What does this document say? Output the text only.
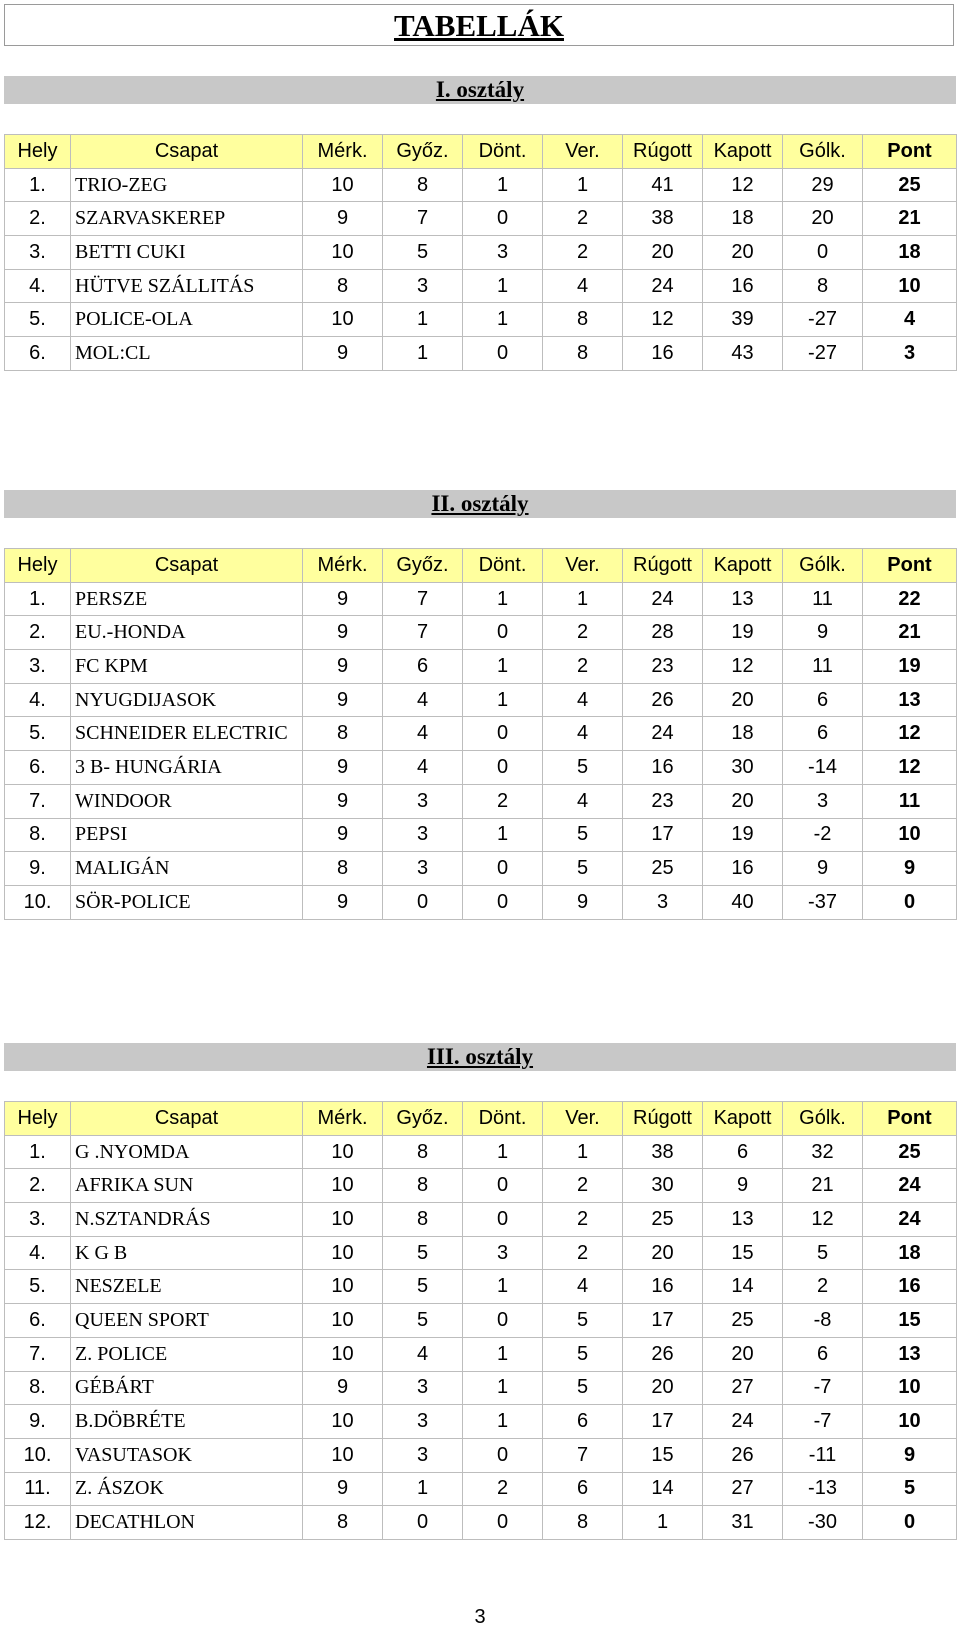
TABELLÁK
I. osztály
Hely	Csapat	Mérk.	Győz.	Dönt.	Ver.	Rúgott	Kapott	Gólk.	Pont
1.	TRIO-ZEG	10	8	1	1	41	12	29	25
2.	SZARVASKEREP	9	7	0	2	38	18	20	21
3.	BETTI CUKI	10	5	3	2	20	20	0	18
4.	HÜTVE SZÁLLITÁS	8	3	1	4	24	16	8	10
5.	POLICE-OLA	10	1	1	8	12	39	-27	4
6.	MOL:CL	9	1	0	8	16	43	-27	3
II. osztály
Hely	Csapat	Mérk.	Győz.	Dönt.	Ver.	Rúgott	Kapott	Gólk.	Pont
1.	PERSZE	9	7	1	1	24	13	11	22
2.	EU.-HONDA	9	7	0	2	28	19	9	21
3.	FC KPM	9	6	1	2	23	12	11	19
4.	NYUGDIJASOK	9	4	1	4	26	20	6	13
5.	SCHNEIDER ELECTRIC	8	4	0	4	24	18	6	12
6.	3 B- HUNGÁRIA	9	4	0	5	16	30	-14	12
7.	WINDOOR	9	3	2	4	23	20	3	11
8.	PEPSI	9	3	1	5	17	19	-2	10
9.	MALIGÁN	8	3	0	5	25	16	9	9
10.	SÖR-POLICE	9	0	0	9	3	40	-37	0
III. osztály
Hely	Csapat	Mérk.	Győz.	Dönt.	Ver.	Rúgott	Kapott	Gólk.	Pont
1.	G .NYOMDA	10	8	1	1	38	6	32	25
2.	AFRIKA SUN	10	8	0	2	30	9	21	24
3.	N.SZTANDRÁS	10	8	0	2	25	13	12	24
4.	K G B	10	5	3	2	20	15	5	18
5.	NESZELE	10	5	1	4	16	14	2	16
6.	QUEEN SPORT	10	5	0	5	17	25	-8	15
7.	Z. POLICE	10	4	1	5	26	20	6	13
8.	GÉBÁRT	9	3	1	5	20	27	-7	10
9.	B.DÖBRÉTE	10	3	1	6	17	24	-7	10
10.	VASUTASOK	10	3	0	7	15	26	-11	9
11.	Z. ÁSZOK	9	1	2	6	14	27	-13	5
12.	DECATHLON	8	0	0	8	1	31	-30	0
3
